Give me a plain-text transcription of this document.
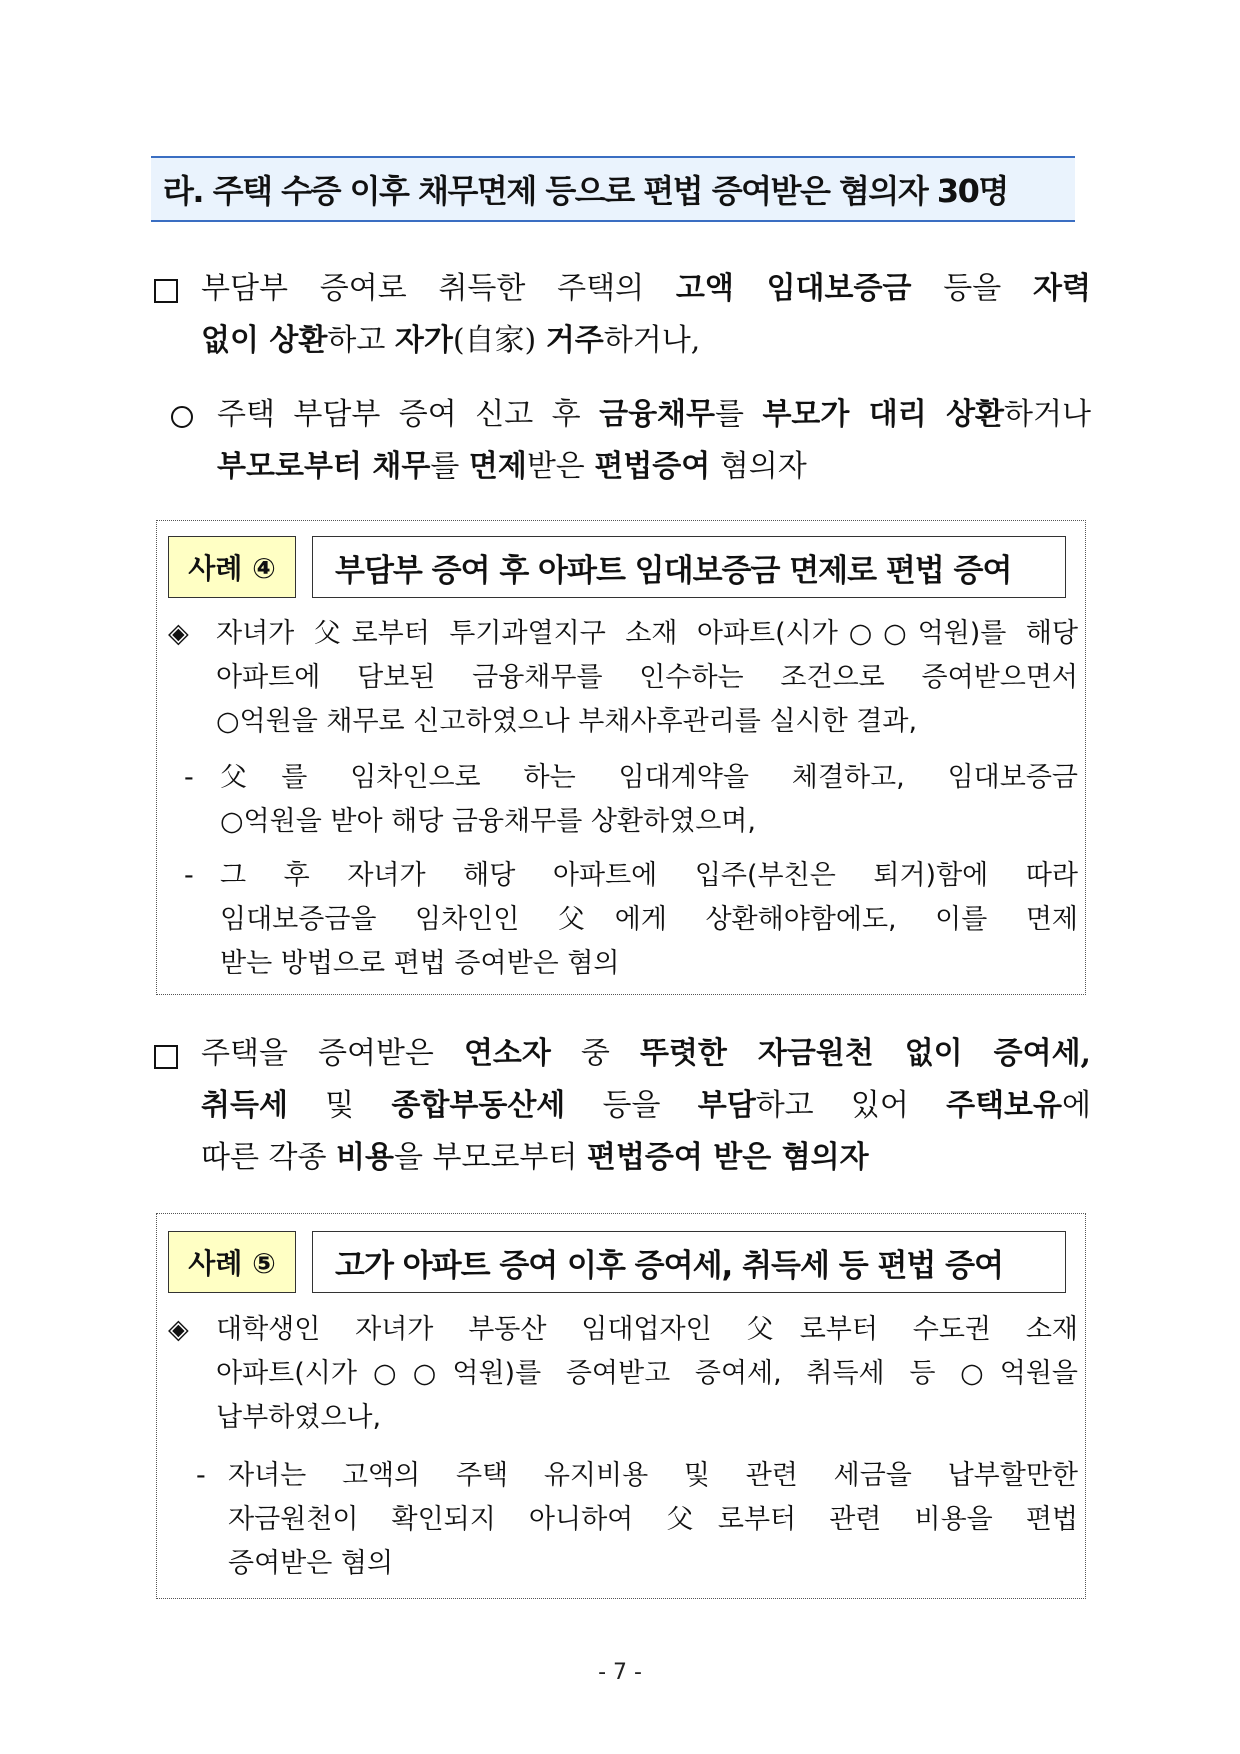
라. 주택 수증 이후 채무면제 등으로 편법 증여받은 혐의자 30명
부담부 증여로 취득한 주택의 고액 임대보증금 등을 자력
없이 상환하고 자가(自家) 거주하거나,
주택 부담부 증여 신고 후 금융채무를 부모가 대리 상환하거나
부모로부터 채무를 면제받은 편법증여 혐의자
사례 ④ 부담부 증여 후 아파트 임대보증금 면제로 편법 증여
◈	자녀가 父로부터 투기과열지구 소재 아파트(시가○○억원)를 해당
아파트에 담보된 금융채무를 인수하는 조건으로 증여받으면서
○억원을 채무로 신고하였으나 부채사후관리를 실시한 결과,
- 父를 임차인으로 하는 임대계약을 체결하고, 임대보증금
○억원을 받아 해당 금융채무를 상환하였으며,
- 그 후 자녀가 해당 아파트에 입주(부친은 퇴거)함에 따라
임대보증금을 임차인인 父에게 상환해야함에도, 이를 면제
받는 방법으로 편법 증여받은 혐의
주택을 증여받은 연소자 중 뚜렷한 자금원천 없이 증여세,
취득세 및 종합부동산세 등을 부담하고 있어 주택보유에
따른 각종 비용을 부모로부터 편법증여 받은 혐의자
사례 ⑤ 고가 아파트 증여 이후 증여세, 취득세 등 편법 증여
◈	대학생인 자녀가 부동산 임대업자인 父로부터 수도권 소재
아파트(시가○○억원)를 증여받고 증여세, 취득세 등 ○억원을
납부하였으나,
- 자녀는 고액의 주택 유지비용 및 관련 세금을 납부할만한
자금원천이 확인되지 아니하여 父로부터 관련 비용을 편법
증여받은 혐의
- 7 -
